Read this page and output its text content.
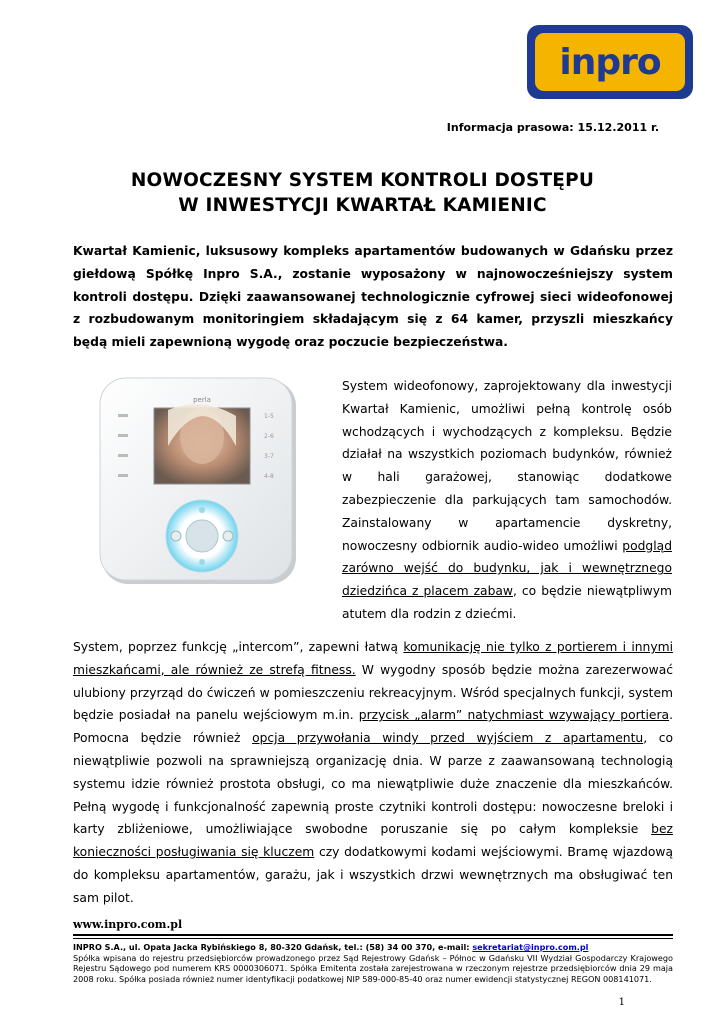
inpro
Informacja prasowa: 15.12.2011 r.
NOWOCZESNY SYSTEM KONTROLI DOSTĘPU
W INWESTYCJI KWARTAŁ KAMIENIC
Kwartał Kamienic, luksusowy kompleks apartamentów budowanych w Gdańsku przez giełdową Spółkę Inpro S.A., zostanie wyposażony w najnowocześniejszy system kontroli dostępu. Dzięki zaawansowanej technologicznie cyfrowej sieci wideofonowej z rozbudowanym monitoringiem składającym się z 64 kamer, przyszli mieszkańcy będą mieli zapewnioną wygodę oraz poczucie bezpieczeństwa.
perla
1-5
2-6
3-7
4-8
System wideofonowy, zaprojektowany dla inwestycji Kwartał Kamienic, umożliwi pełną kontrolę osób wchodzących i wychodzących z kompleksu. Będzie działał na wszystkich poziomach budynków, również w hali garażowej, stanowiąc dodatkowe zabezpieczenie dla parkujących tam samochodów. Zainstalowany w apartamencie dyskretny, nowoczesny odbiornik audio-wideo umożliwi podgląd zarówno wejść do budynku, jak i wewnętrznego dziedzińca z placem zabaw, co będzie niewątpliwym atutem dla rodzin z dziećmi.
System, poprzez funkcję „intercom”, zapewni łatwą komunikację nie tylko z portierem i innymi mieszkańcami, ale również ze strefą fitness. W wygodny sposób będzie można zarezerwować ulubiony przyrząd do ćwiczeń w pomieszczeniu rekreacyjnym. Wśród specjalnych funkcji, system będzie posiadał na panelu wejściowym m.in. przycisk „alarm” natychmiast wzywający portiera. Pomocna będzie również opcja przywołania windy przed wyjściem z apartamentu, co niewątpliwie pozwoli na sprawniejszą organizację dnia. W parze z zaawansowaną technologią systemu idzie również prostota obsługi, co ma niewątpliwie duże znaczenie dla mieszkańców. Pełną wygodę i funkcjonalność zapewnią proste czytniki kontroli dostępu: nowoczesne breloki i karty zbliżeniowe, umożliwiające swobodne poruszanie się po całym kompleksie bez konieczności posługiwania się kluczem czy dodatkowymi kodami wejściowymi. Bramę wjazdową do kompleksu apartamentów, garażu, jak i wszystkich drzwi wewnętrznych ma obsługiwać ten sam pilot.
www.inpro.com.pl
INPRO S.A., ul. Opata Jacka Rybińskiego 8, 80-320 Gdańsk, tel.: (58) 34 00 370, e-mail: sekretariat@inpro.com.pl
Spółka wpisana do rejestru przedsiębiorców prowadzonego przez Sąd Rejestrowy Gdańsk – Północ w Gdańsku VII Wydział Gospodarczy Krajowego Rejestru Sądowego pod numerem KRS 0000306071. Spółka Emitenta została zarejestrowana w rzeczonym rejestrze przedsiębiorców dnia 29 maja 2008 roku. Spółka posiada również numer identyfikacji podatkowej NIP 589-000-85-40 oraz numer ewidencji statystycznej REGON 008141071.
1
